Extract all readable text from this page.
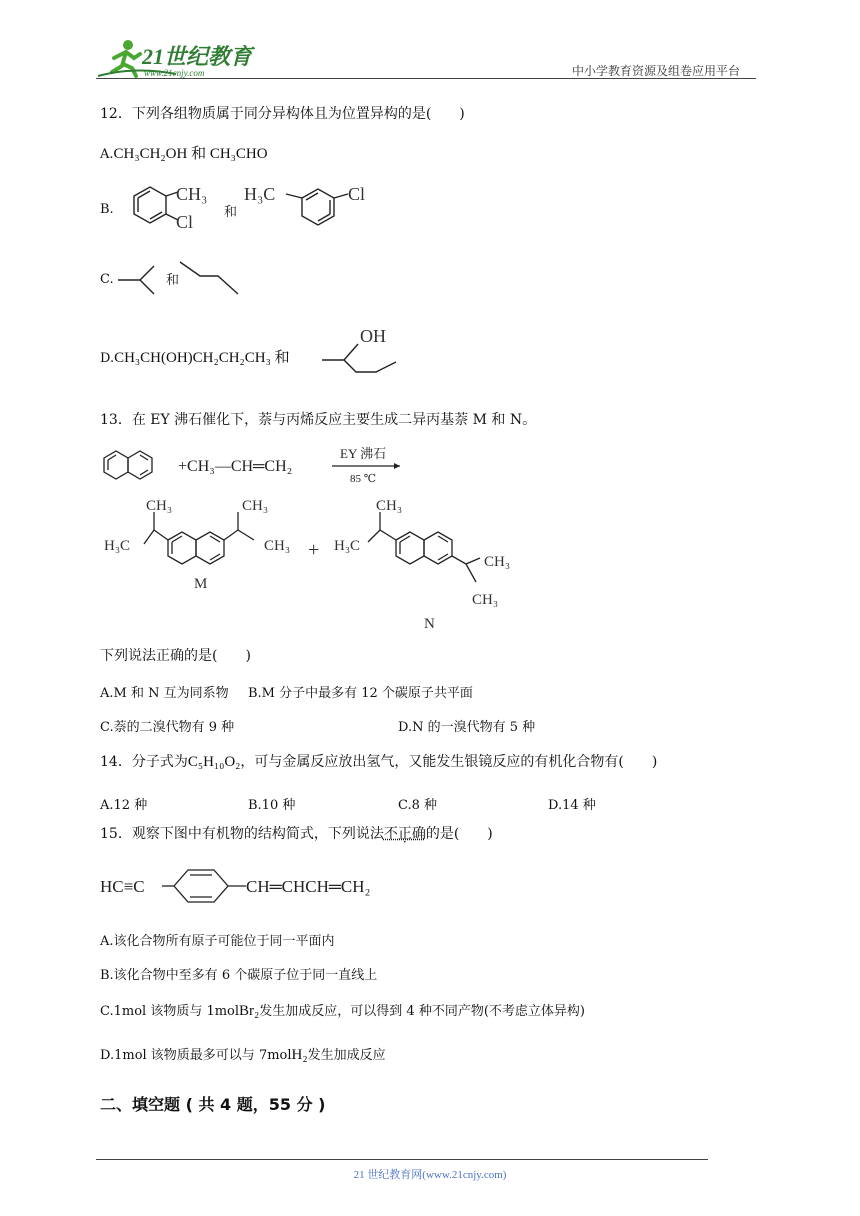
21世纪教育
www.21cnjy.com	中小学教育资源及组卷应用平台
12．下列各组物质属于同分异构体且为位置异构的是(　　)
A.CH₃CH₂OH 和 CH₃CHO
B.
CH₃
Cl
和
H₃C	Cl
C.	和
D.CH₃CH(OH)CH₂CH₂CH₃ 和
OH
13．在 EY 沸石催化下，萘与丙烯反应主要生成二异丙基萘 M 和 N。
+CH₃—CH═CH₂
EY 沸石
85 ℃
CH₃
H₃C
CH₃
CH₃
M
+
CH₃
H₃C
CH₃
CH₃
N
下列说法正确的是(　　)
A.M 和 N 互为同系物 B.M 分子中最多有 12 个碳原子共平面
C.萘的二溴代物有 9 种	D.N 的一溴代物有 5 种
14．分子式为C₅H₁₀O₂，可与金属反应放出氢气，又能发生银镜反应的有机化合物有(　　)
A.12 种	B.10 种	C.8 种	D.14 种
15．观察下图中有机物的结构简式，下列说法不正确的是(　　)
HC≡C	CH═CHCH═CH₂
A.该化合物所有原子可能位于同一平面内
B.该化合物中至多有 6 个碳原子位于同一直线上
C.1mol 该物质与 1molBr₂发生加成反应，可以得到 4 种不同产物(不考虑立体异构)
D.1mol 该物质最多可以与 7molH₂发生加成反应
二、填空题 ( 共 4 题，55 分 )
21 世纪教育网(www.21cnjy.com)
